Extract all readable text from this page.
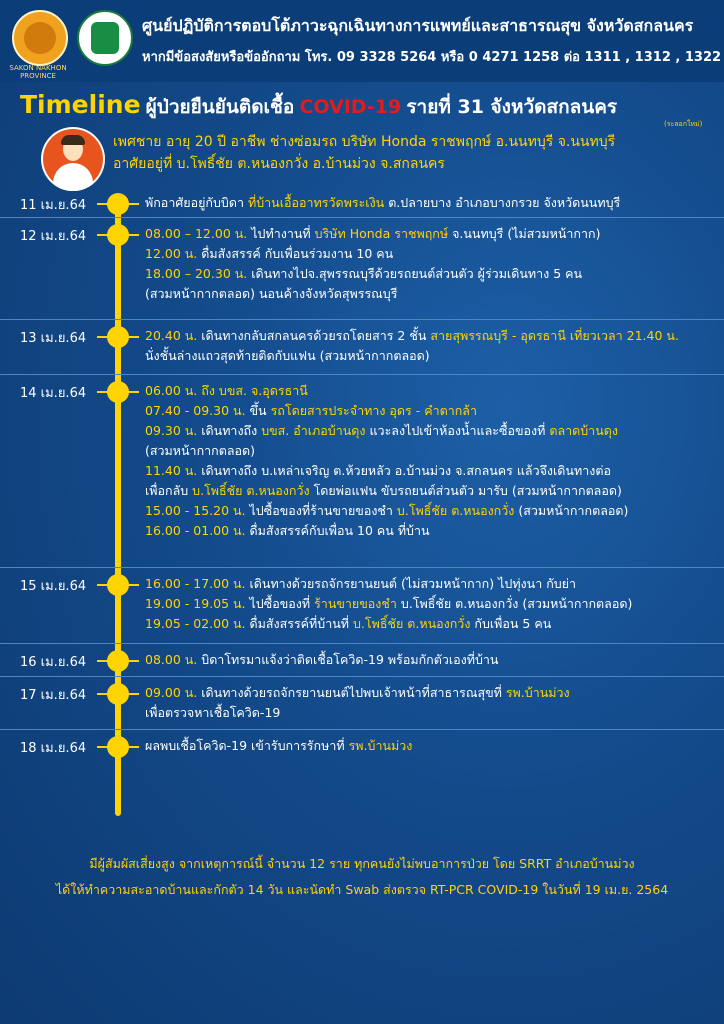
SAKON NAKHON PROVINCE
ศูนย์ปฏิบัติการตอบโต้ภาวะฉุกเฉินทางการแพทย์และสาธารณสุข จังหวัดสกลนคร
หากมีข้อสงสัยหรือข้ออักถาม โทร. 09 3328 5264 หรือ 0 4271 1258 ต่อ 1311 , 1312 , 1322
Timeline ผู้ป่วยยืนยันติดเชื้อ COVID-19 รายที่ 31 จังหวัดสกลนคร
(ระลอกใหม่)
เพศชาย อายุ 20 ปี อาชีพ ช่างซ่อมรถ บริษัท Honda ราชพฤกษ์ อ.นนทบุรี จ.นนทบุรี
อาศัยอยู่ที่ บ.โพธิ์ชัย ต.หนองกวั่ง อ.บ้านม่วง จ.สกลนคร
11 เม.ย.64	พักอาศัยอยู่กับบิดา ที่บ้านเอื้ออาทรวัดพระเงิน ต.ปลายบาง อำเภอบางกรวย จังหวัดนนทบุรี
12 เม.ย.64	08.00 – 12.00 น. ไปทำงานที่ บริษัท Honda ราชพฤกษ์ จ.นนทบุรี (ไม่สวมหน้ากาก)
12.00 น. ดื่มสังสรรค์ กับเพื่อนร่วมงาน 10 คน
18.00 – 20.30 น. เดินทางไปจ.สุพรรณบุรีด้วยรถยนต์ส่วนตัว ผู้ร่วมเดินทาง 5 คน
(สวมหน้ากากตลอด) นอนค้างจังหวัดสุพรรณบุรี
13 เม.ย.64	20.40 น. เดินทางกลับสกลนครด้วยรถโดยสาร 2 ชั้น สายสุพรรณบุรี - อุดรธานี เที่ยวเวลา 21.40 น.
นั่งชั้นล่างแถวสุดท้ายติดกับแฟน (สวมหน้ากากตลอด)
14 เม.ย.64	06.00 น. ถึง บขส. จ.อุดรธานี
07.40 - 09.30 น. ขึ้น รถโดยสารประจำทาง อุดร - คำตากล้า
09.30 น. เดินทางถึง บขส. อำเภอบ้านดุง แวะลงไปเข้าห้องน้ำและซื้อของที่ ตลาดบ้านดุง
(สวมหน้ากากตลอด)
11.40 น. เดินทางถึง บ.เหล่าเจริญ ต.ห้วยหลัว อ.บ้านม่วง จ.สกลนคร แล้วจึงเดินทางต่อ
เพื่อกลับ บ.โพธิ์ชัย ต.หนองกวั่ง โดยพ่อแฟน ขับรถยนต์ส่วนตัว มารับ (สวมหน้ากากตลอด)
15.00 - 15.20 น. ไปซื้อของที่ร้านขายของชำ บ.โพธิ์ชัย ต.หนองกวั่ง (สวมหน้ากากตลอด)
16.00 - 01.00 น. ดื่มสังสรรค์กับเพื่อน 10 คน ที่บ้าน
15 เม.ย.64	16.00 - 17.00 น. เดินทางด้วยรถจักรยานยนต์ (ไม่สวมหน้ากาก) ไปทุ่งนา กับย่า
19.00 - 19.05 น. ไปซื้อของที่ ร้านขายของชำ บ.โพธิ์ชัย ต.หนองกวั่ง (สวมหน้ากากตลอด)
19.05 - 02.00 น. ดื่มสังสรรค์ที่บ้านที่ บ.โพธิ์ชัย ต.หนองกวั่ง กับเพื่อน 5 คน
16 เม.ย.64	08.00 น. บิดาโทรมาแจ้งว่าติดเชื้อโควิด-19 พร้อมกักตัวเองที่บ้าน
17 เม.ย.64	09.00 น. เดินทางด้วยรถจักรยานยนต์ไปพบเจ้าหน้าที่สาธารณสุขที่ รพ.บ้านม่วง
เพื่อตรวจหาเชื้อโควิด-19
18 เม.ย.64	ผลพบเชื้อโควิด-19 เข้ารับการรักษาที่ รพ.บ้านม่วง
มีผู้สัมผัสเสี่ยงสูง จากเหตุการณ์นี้ จำนวน 12 ราย ทุกคนยังไม่พบอาการป่วย โดย SRRT อำเภอบ้านม่วง
ได้ให้ทำความสะอาดบ้านและกักตัว 14 วัน และนัดทำ Swab ส่งตรวจ RT-PCR COVID-19 ในวันที่ 19 เม.ย. 2564
